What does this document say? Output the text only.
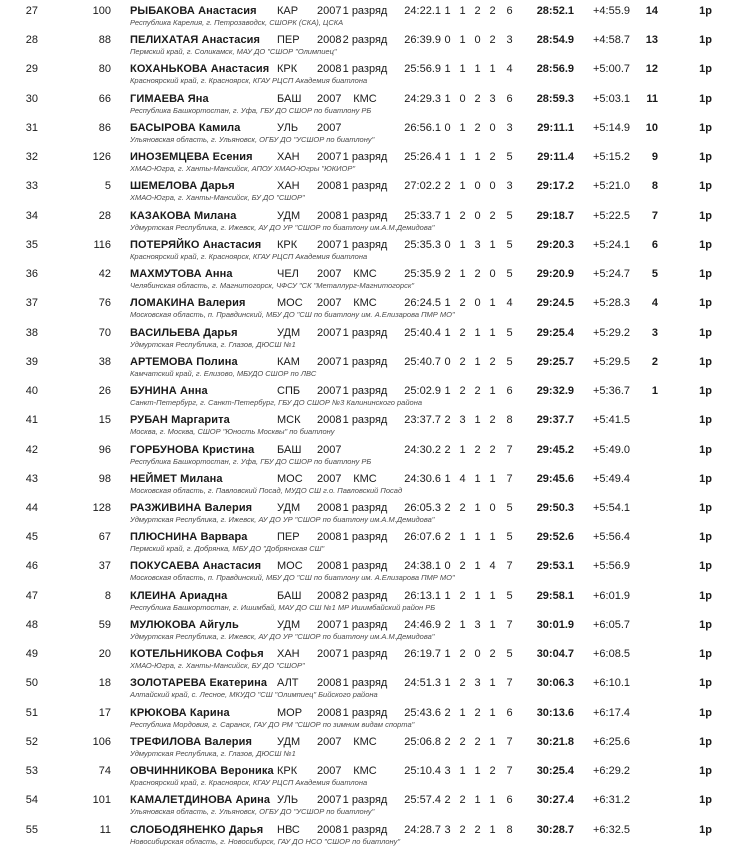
27	100 РЫБАКОВА Анастасия
Республика Карелия, г. Петрозаводск, СШОРК (СКА), ЦСКА
КАР	2007 1 разряд	24:22.1 1 1 2 2 6	28:52.1	+4:55.9	14	1р
28	88 ПЕЛИХАТАЯ Анастасия
Пермский край, г. Соликамск, МАУ ДО "СШОР "Олимпиец"
ПЕР	2008 2 разряд	26:39.9 0 1 0 2 3	28:54.9	+4:58.7	13	1р
29	80 КОХАНЬКОВА Анастасия
Красноярский край, г. Красноярск, КГАУ РЦСП Академия биатлона
КРК	2008 1 разряд	25:56.9 1 1 1 1 4	28:56.9	+5:00.7	12	1р
30	66 ГИМАЕВА Яна
Республика Башкортостан, г. Уфа, ГБУ ДО СШОР по биатлону РБ
БАШ	2007	КМС	24:29.3 1 0 2 3 6	28:59.3	+5:03.1	11	1р
31	86 БАСЫРОВА Камила
Ульяновская область, г. Ульяновск, ОГБУ ДО "УСШОР по биатлону"
УЛЬ	2007	26:56.1 0 1 2 0 3	29:11.1	+5:14.9	10	1р
32	126 ИНОЗЕМЦЕВА Есения
ХМАО-Югра, г. Ханты-Мансийск, АПОУ ХМАО-Югры "ЮКИОР"
ХАН	2007 1 разряд	25:26.4 1 1 1 2 5	29:11.4	+5:15.2	9	1р
33	5 ШЕМЕЛОВА Дарья
ХМАО-Югра, г. Ханты-Мансийск, БУ ДО "СШОР"
ХАН	2008 1 разряд	27:02.2 2 1 0 0 3	29:17.2	+5:21.0	8	1р
34	28 КАЗАКОВА Милана
Удмуртская Республика, г. Ижевск, АУ ДО УР "СШОР по биатлону им.А.М.Демидова"
УДМ	2008 1 разряд	25:33.7 1 2 0 2 5	29:18.7	+5:22.5	7	1р
35	116 ПОТЕРЯЙКО Анастасия
Красноярский край, г. Красноярск, КГАУ РЦСП Академия биатлона
КРК	2007 1 разряд	25:35.3 0 1 3 1 5	29:20.3	+5:24.1	6	1р
36	42 МАХМУТОВА Анна
Челябинская область, г. Магнитогорск, ЧФСУ "СК "Металлург-Магнитогорск"
ЧЕЛ	2007	КМС	25:35.9 2 1 2 0 5	29:20.9	+5:24.7	5	1р
37	76 ЛОМАКИНА Валерия
Московская область, п. Правдинский, МБУ ДО "СШ по биатлону им. А.Елизарова ПМР МО"
МОС	2007	КМС	26:24.5 1 2 0 1 4	29:24.5	+5:28.3	4	1р
38	70 ВАСИЛЬЕВА Дарья
Удмуртская Республика, г. Глазов, ДЮСШ №1
УДМ	2007 1 разряд	25:40.4 1 2 1 1 5	29:25.4	+5:29.2	3	1р
39	38 АРТЕМОВА Полина
Камчатский край, г. Елизово, МБУДО СШОР по ЛВС
КАМ	2007 1 разряд	25:40.7 0 2 1 2 5	29:25.7	+5:29.5	2	1р
40	26 БУНИНА Анна
Санкт-Петербург, г. Санкт-Петербург, ГБУ ДО СШОР №3 Калининского района
СПБ	2007 1 разряд	25:02.9 1 2 2 1 6	29:32.9	+5:36.7	1	1р
41	15 РУБАН Маргарита
Москва, г. Москва, СШОР "Юность Москвы" по биатлону
МСК	2008 1 разряд	23:37.7 2 3 1 2 8	29:37.7	+5:41.5	1р
42	96 ГОРБУНОВА Кристина
Республика Башкортостан, г. Уфа, ГБУ ДО СШОР по биатлону РБ
БАШ	2007	24:30.2 2 1 2 2 7	29:45.2	+5:49.0	1р
43	98 НЕЙМЕТ Милана
Московская область, г. Павловский Посад, МУДО СШ г.о. Павловский Посад
МОС	2007	КМС	24:30.6 1 4 1 1 7	29:45.6	+5:49.4	1р
44	128 РАЗЖИВИНА Валерия
Удмуртская Республика, г. Ижевск, АУ ДО УР "СШОР по биатлону им.А.М.Демидова"
УДМ	2008 1 разряд	26:05.3 2 2 1 0 5	29:50.3	+5:54.1	1р
45	67 ПЛЮСНИНА Варвара
Пермский край, г. Добрянка, МБУ ДО "Добрянская СШ"
ПЕР	2008 1 разряд	26:07.6 2 1 1 1 5	29:52.6	+5:56.4	1р
46	37 ПОКУСАЕВА Анастасия
Московская область, п. Правдинский, МБУ ДО "СШ по биатлону им. А.Елизарова ПМР МО"
МОС	2008 1 разряд	24:38.1 0 2 1 4 7	29:53.1	+5:56.9	1р
47	8 КЛЕИНА Ариадна
Республика Башкортостан, г. Ишимбай, МАУ ДО СШ №1 МР Ишимбайский район РБ
БАШ	2008 2 разряд	26:13.1 1 2 1 1 5	29:58.1	+6:01.9	1р
48	59 МУЛЮКОВА Айгуль
Удмуртская Республика, г. Ижевск, АУ ДО УР "СШОР по биатлону им.А.М.Демидова"
УДМ	2007 1 разряд	24:46.9 2 1 3 1 7	30:01.9	+6:05.7	1р
49	20 КОТЕЛЬНИКОВА Софья
ХМАО-Югра, г. Ханты-Мансийск, БУ ДО "СШОР"
ХАН	2007 1 разряд	26:19.7 1 2 0 2 5	30:04.7	+6:08.5	1р
50	18 ЗОЛОТАРЕВА Екатерина
Алтайский край, с. Лесное, МКУДО "СШ "Олимпиец" Бийского района
АЛТ	2008 1 разряд	24:51.3 1 2 3 1 7	30:06.3	+6:10.1	1р
51	17 КРЮКОВА Карина
Республика Мордовия, г. Саранск, ГАУ ДО РМ "СШОР по зимним видам спорта"
МОР	2008 1 разряд	25:43.6 2 1 2 1 6	30:13.6	+6:17.4	1р
52	106 ТРЕФИЛОВА Валерия
Удмуртская Республика, г. Глазов, ДЮСШ №1
УДМ	2007	КМС	25:06.8 2 2 2 1 7	30:21.8	+6:25.6	1р
53	74 ОВЧИННИКОВА Вероника
Красноярский край, г. Красноярск, КГАУ РЦСП Академия биатлона
КРК	2007	КМС	25:10.4 3 1 1 2 7	30:25.4	+6:29.2	1р
54	101 КАМАЛЕТДИНОВА Арина
Ульяновская область, г. Ульяновск, ОГБУ ДО "УСШОР по биатлону"
УЛЬ	2007 1 разряд	25:57.4 2 2 1 1 6	30:27.4	+6:31.2	1р
55	11 СЛОБОДЯНЕНКО Дарья
Новосибирская область, г. Новосибирск, ГАУ ДО НСО "СШОР по биатлону"
НВС	2008 1 разряд	24:28.7 3 2 2 1 8	30:28.7	+6:32.5	1р
